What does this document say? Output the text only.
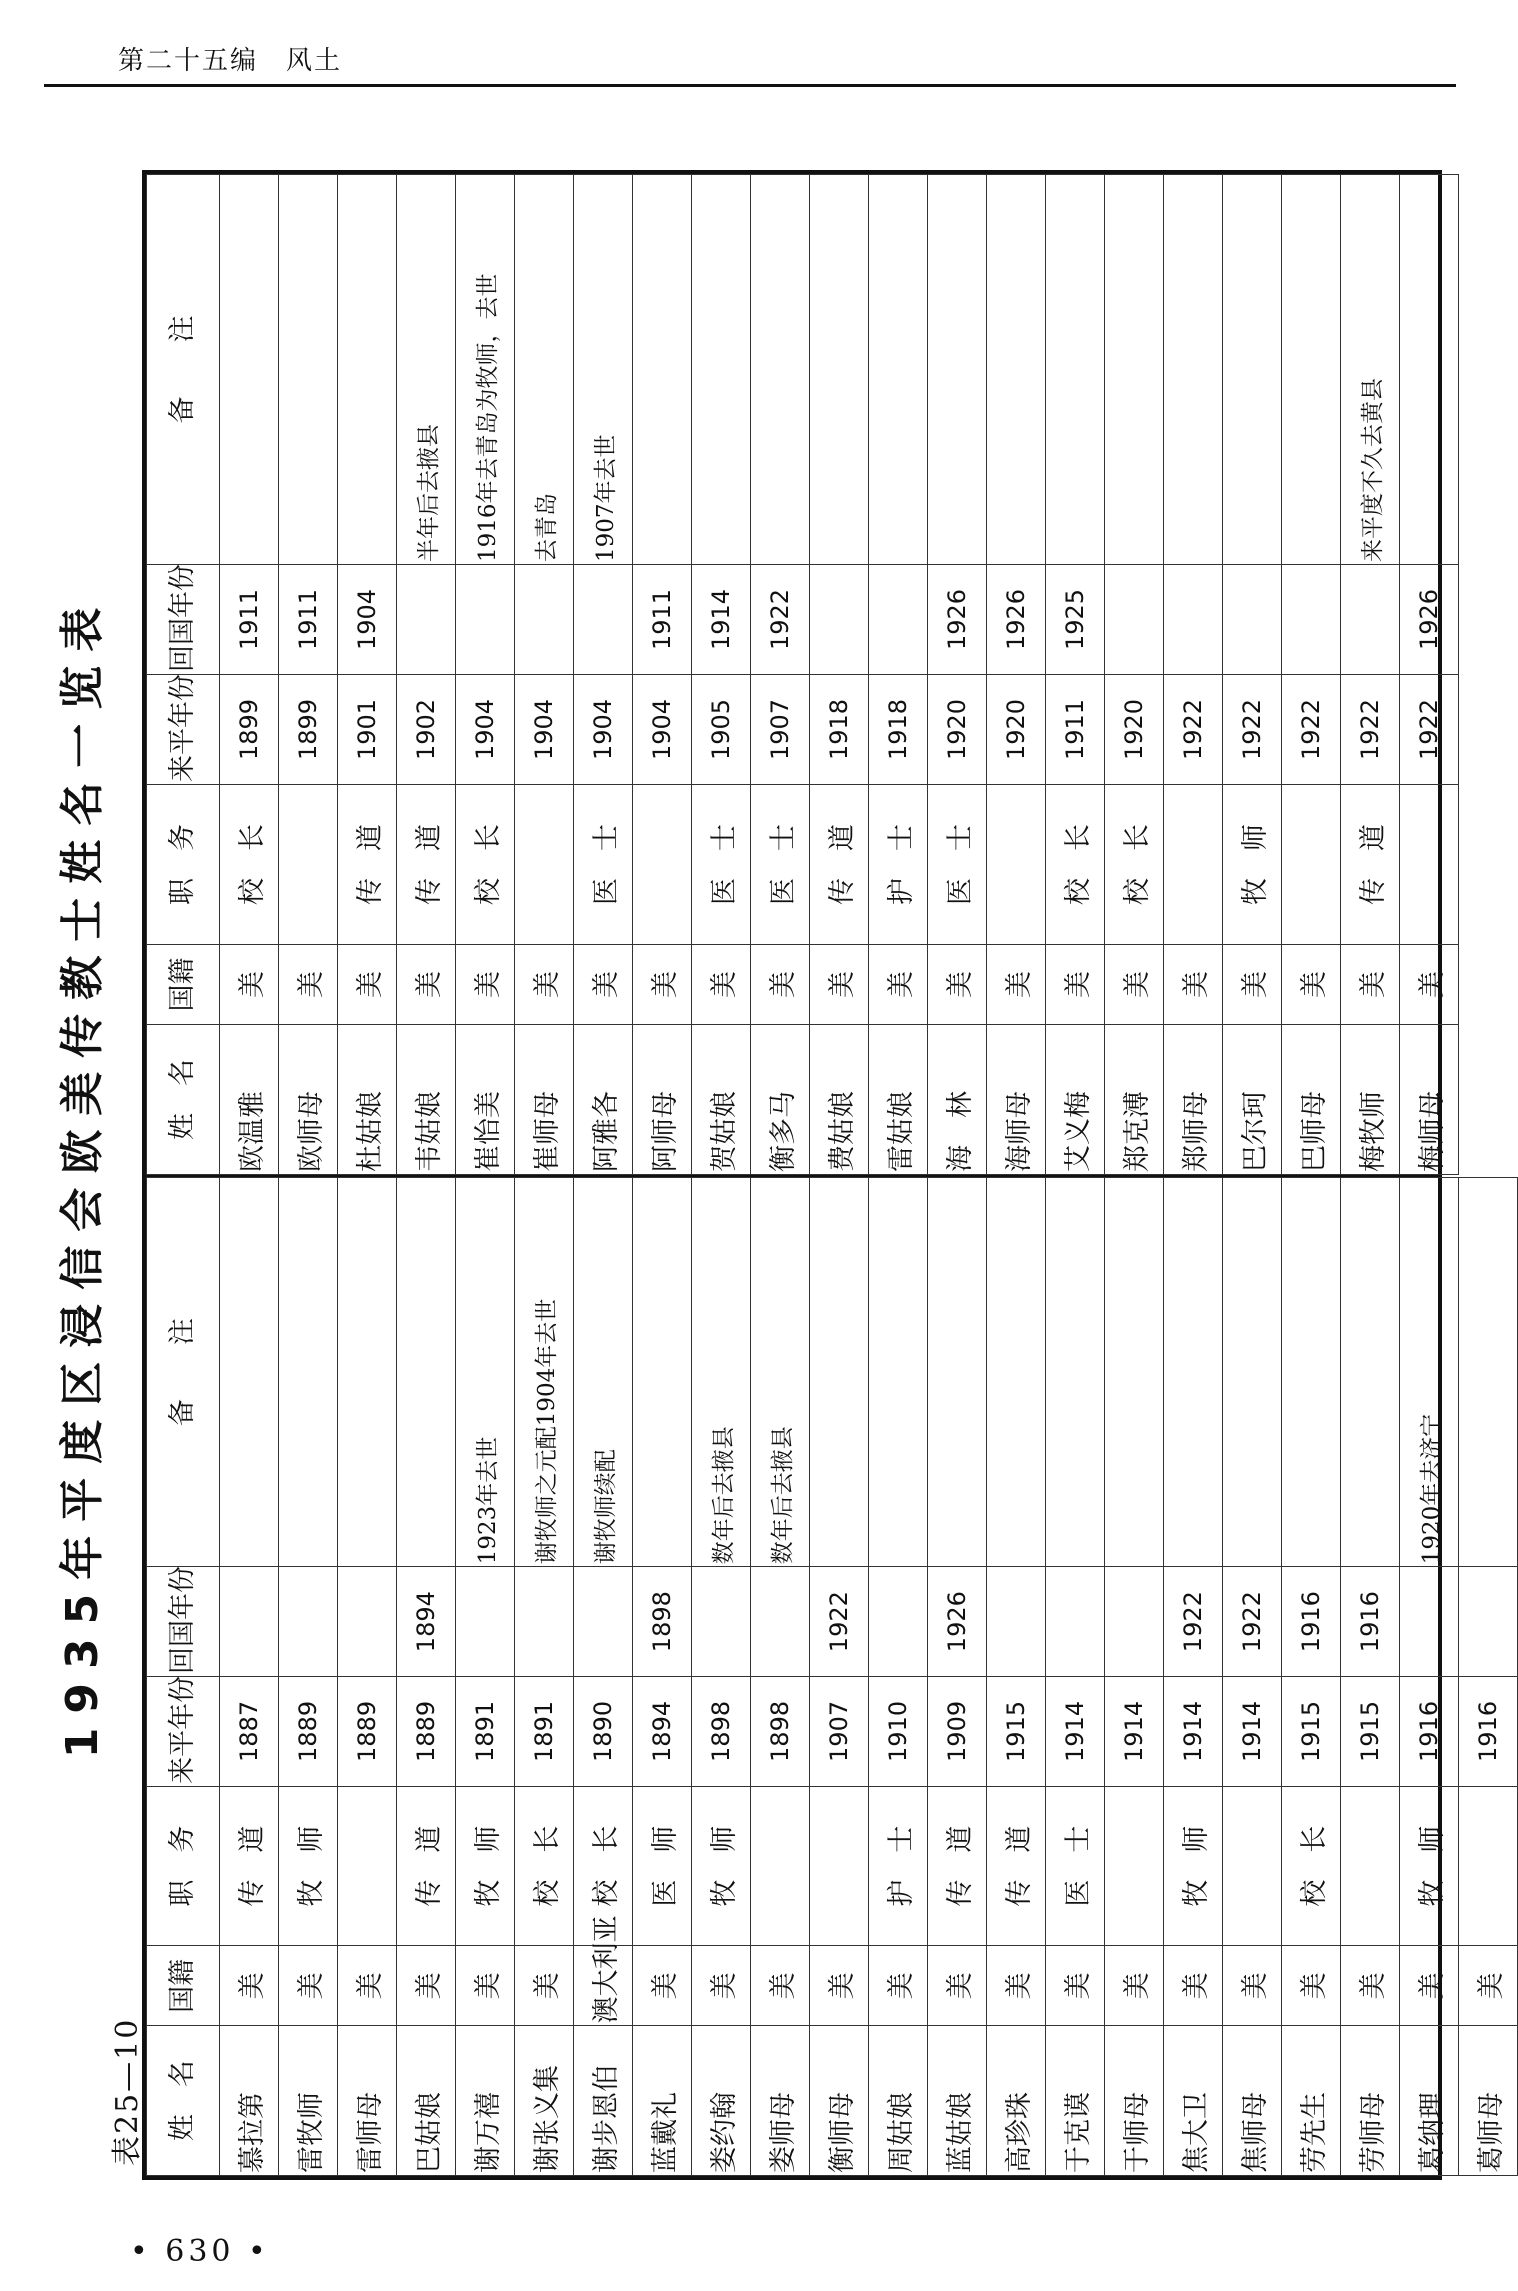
第二十五编　风土
1935年平度区浸信会欧美传教士姓名一览表
表25—10 姓　名	国籍	职　务	来平年份	回国年份	备　　注
慕拉第	美	传　道	1887		
雷牧师	美	牧　师	1889		
雷师母	美		1889		
巴姑娘	美	传　道	1889	1894	
谢万禧	美	牧　师	1891		1923年去世
谢张义集	美	校　长	1891		谢牧师之元配1904年去世
谢步恩伯	澳大利亚	校　长	1890		谢牧师续配
蓝戴礼	美	医　师	1894	1898	
娄约翰	美	牧　师	1898		数年后去掖县
娄师母	美		1898		数年后去掖县
衡师母	美		1907	1922	
周姑娘	美	护　士	1910		
蓝姑娘	美	传　道	1909	1926	
高珍珠	美	传　道	1915		
于克谟	美	医　士	1914		
于师母	美		1914		
焦大卫	美	牧　师	1914	1922	
焦师母	美		1914	1922	
劳先生	美	校　长	1915	1916	
劳师母	美		1915	1916	
葛纳理	美	牧　师	1916		1920年去济宁
葛师母	美		1916		
姓　名	国籍	职　务	来平年份	回国年份	备　　注
欧温雅	美	校　长	1899	1911	
欧师母	美		1899	1911	
杜姑娘	美	传　道	1901	1904	
韦姑娘	美	传　道	1902		半年后去掖县
崔怡美	美	校　长	1904		1916年去青岛为牧师，去世
崔师母	美		1904		去青岛
阿雅各	美	医　士	1904		1907年去世
阿师母	美		1904	1911	
贺姑娘	美	医　士	1905	1914	
衡多马	美	医　士	1907	1922	
费姑娘	美	传　道	1918		
雷姑娘	美	护　士	1918		
海　林	美	医　士	1920	1926	
海师母	美		1920	1926	
艾义梅	美	校　长	1911	1925	
郑克溥	美	校　长	1920		
郑师母	美		1922		
巴尔珂	美	牧　师	1922		
巴师母	美		1922		
梅牧师	美	传　道	1922		来平度不久去黄县
梅师母	美		1922	1926	
• 630 •
